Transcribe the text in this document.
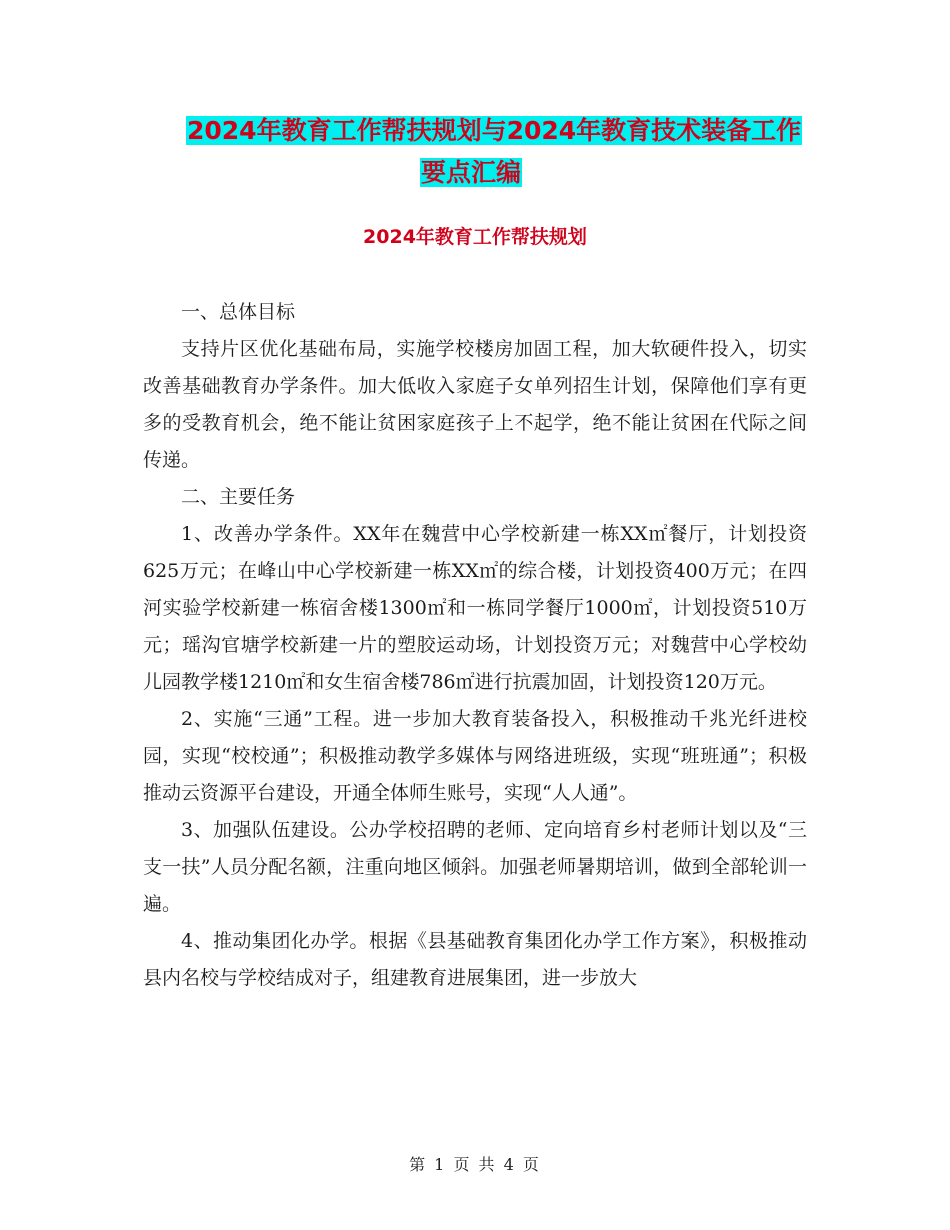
2024年教育工作帮扶规划与2024年教育技术装备工作
要点汇编
2024年教育工作帮扶规划

一、总体目标

支持片区优化基础布局，实施学校楼房加固工程，加大软硬件投入，切实改善基础教育办学条件。加大低收入家庭子女单列招生计划，保障他们享有更多的受教育机会，绝不能让贫困家庭孩子上不起学，绝不能让贫困在代际之间传递。

二、主要任务

1、改善办学条件。XX年在魏营中心学校新建一栋XX㎡餐厅，计划投资625万元；在峰山中心学校新建一栋XX㎡的综合楼，计划投资400万元；在四河实验学校新建一栋宿舍楼1300㎡和一栋同学餐厅1000㎡，计划投资510万元；瑶沟官塘学校新建一片的塑胶运动场，计划投资万元；对魏营中心学校幼儿园教学楼1210㎡和女生宿舍楼786㎡进行抗震加固，计划投资120万元。

2、实施“三通”工程。进一步加大教育装备投入，积极推动千兆光纤进校园，实现“校校通”；积极推动教学多媒体与网络进班级，实现“班班通”；积极推动云资源平台建设，开通全体师生账号，实现“人人通”。

3、加强队伍建设。公办学校招聘的老师、定向培育乡村老师计划以及“三支一扶”人员分配名额，注重向地区倾斜。加强老师暑期培训，做到全部轮训一遍。

4、推动集团化办学。根据《县基础教育集团化办学工作方案》，积极推动县内名校与学校结成对子，组建教育进展集团，进一步放大

第 1 页 共 4 页
